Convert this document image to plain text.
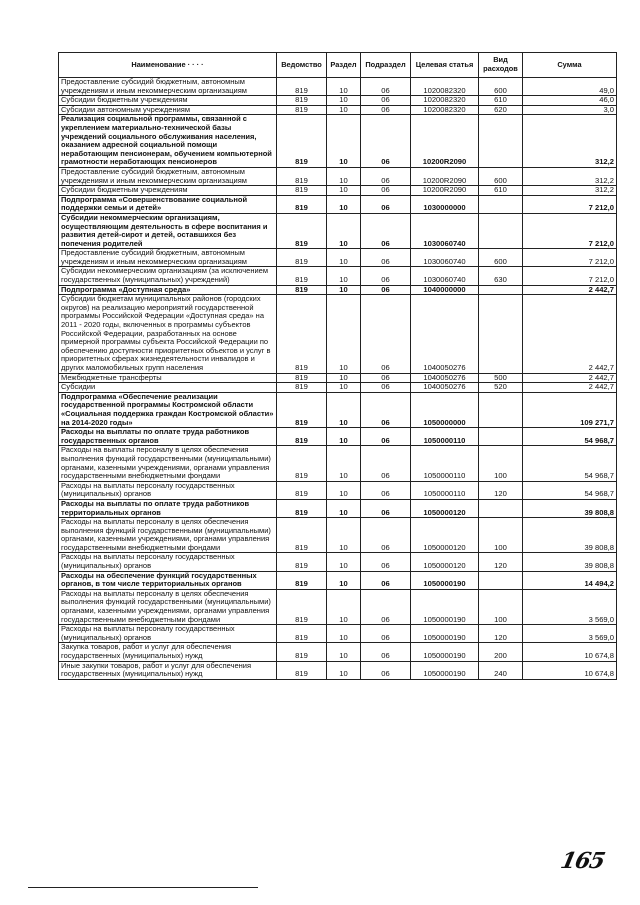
Наименование · · · ·	Ведомство	Раздел	Подраздел	Целевая статья	Вид расходов	Сумма
Предоставление субсидий бюджетным, автономным учреждениям и иным некоммерческим организациям	819	10	06	1020082320	600	49,0
Субсидии бюджетным учреждениям	819	10	06	1020082320	610	46,0
Субсидии автономным учреждениям	819	10	06	1020082320	620	3,0
Реализация социальной программы, связанной с укреплением материально-технической базы учреждений социального обслуживания населения, оказанием адресной социальной помощи неработающим пенсионерам, обучением компьютерной грамотности неработающих пенсионеров	819	10	06	10200R2090		312,2
Предоставление субсидий бюджетным, автономным учреждениям и иным некоммерческим организациям	819	10	06	10200R2090	600	312,2
Субсидии бюджетным учреждениям	819	10	06	10200R2090	610	312,2
Подпрограмма «Совершенствование социальной поддержки семьи и детей»	819	10	06	1030000000		7 212,0
Субсидии некоммерческим организациям, осуществляющим деятельность в сфере воспитания и развития детей-сирот и детей, оставшихся без попечения родителей	819	10	06	1030060740		7 212,0
Предоставление субсидий бюджетным, автономным учреждениям и иным некоммерческим организациям	819	10	06	1030060740	600	7 212,0
Субсидии некоммерческим организациям (за исключением государственных (муниципальных) учреждений)	819	10	06	1030060740	630	7 212,0
Подпрограмма «Доступная среда»	819	10	06	1040000000		2 442,7
Субсидии бюджетам муниципальных районов (городских округов) на реализацию мероприятий государственной программы Российской Федерации «Доступная среда» на 2011 - 2020 годы, включенных в программы субъектов Российской Федерации, разработанных на основе примерной программы субъекта Российской Федерации по обеспечению доступности приоритетных объектов и услуг в приоритетных сферах жизнедеятельности инвалидов и других маломобильных групп населения	819	10	06	1040050276		2 442,7
Межбюджетные трансферты	819	10	06	1040050276	500	2 442,7
Субсидии	819	10	06	1040050276	520	2 442,7
Подпрограмма «Обеспечение реализации государственной программы Костромской области «Социальная поддержка граждан Костромской области» на 2014-2020 годы»	819	10	06	1050000000		109 271,7
Расходы на выплаты по оплате труда работников государственных органов	819	10	06	1050000110		54 968,7
Расходы на выплаты персоналу в целях обеспечения выполнения функций государственными (муниципальными) органами, казенными учреждениями, органами управления государственными внебюджетными фондами	819	10	06	1050000110	100	54 968,7
Расходы на выплаты персоналу государственных (муниципальных) органов	819	10	06	1050000110	120	54 968,7
Расходы на выплаты по оплате труда работников территориальных органов	819	10	06	1050000120		39 808,8
Расходы на выплаты персоналу в целях обеспечения выполнения функций государственными (муниципальными) органами, казенными учреждениями, органами управления государственными внебюджетными фондами	819	10	06	1050000120	100	39 808,8
Расходы на выплаты персоналу государственных (муниципальных) органов	819	10	06	1050000120	120	39 808,8
Расходы на обеспечение функций государственных органов, в том числе территориальных органов	819	10	06	1050000190		14 494,2
Расходы на выплаты персоналу в целях обеспечения выполнения функций государственными (муниципальными) органами, казенными учреждениями, органами управления государственными внебюджетными фондами	819	10	06	1050000190	100	3 569,0
Расходы на выплаты персоналу государственных (муниципальных) органов	819	10	06	1050000190	120	3 569,0
Закупка товаров, работ и услуг для обеспечения государственных (муниципальных) нужд	819	10	06	1050000190	200	10 674,8
Иные закупки товаров, работ и услуг для обеспечения государственных (муниципальных) нужд	819	10	06	1050000190	240	10 674,8
165
